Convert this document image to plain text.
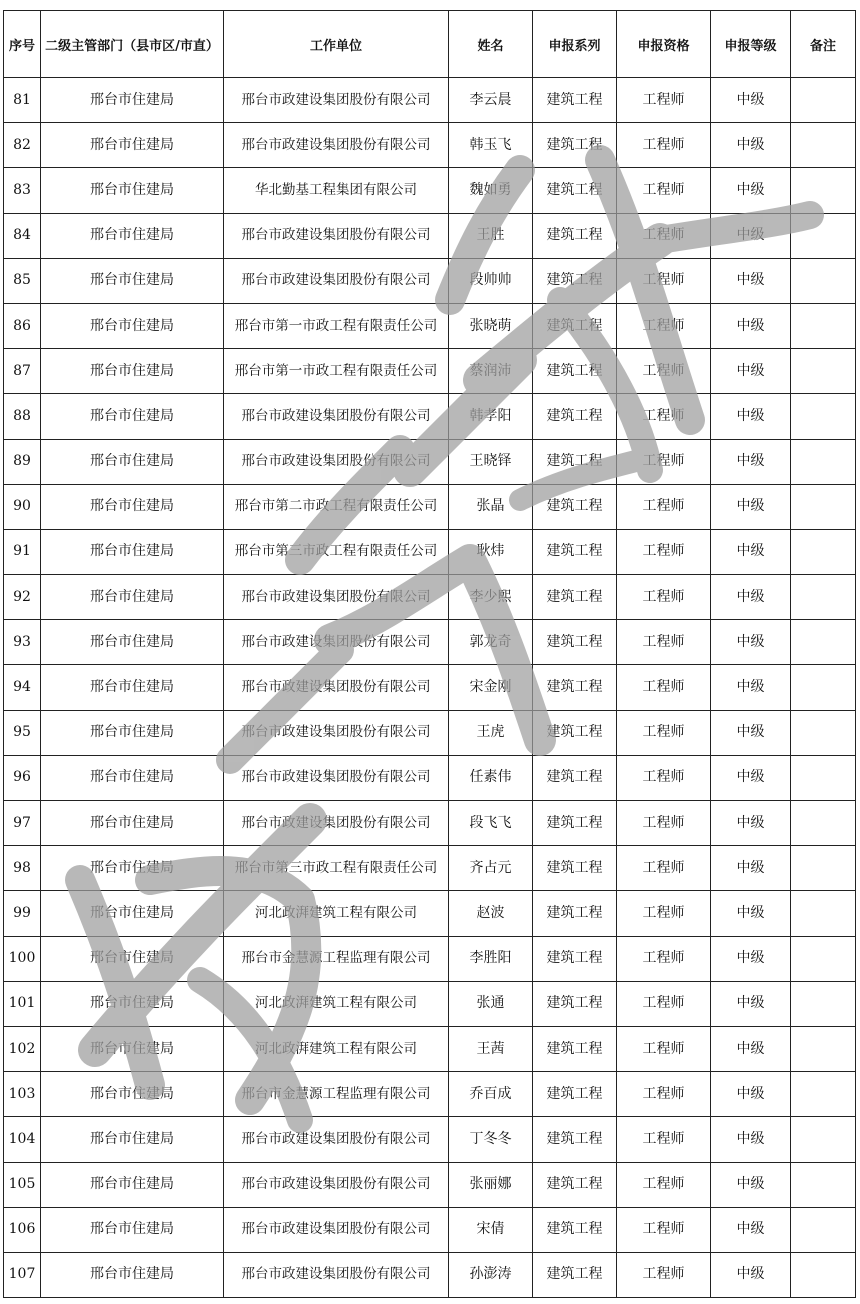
序号	二级主管部门（县市区/市直）	工作单位	姓名	申报系列	申报资格	申报等级	备注
81	邢台市住建局	邢台市政建设集团股份有限公司	李云晨	建筑工程	工程师	中级	
82	邢台市住建局	邢台市政建设集团股份有限公司	韩玉飞	建筑工程	工程师	中级	
83	邢台市住建局	华北勤基工程集团有限公司	魏如勇	建筑工程	工程师	中级	
84	邢台市住建局	邢台市政建设集团股份有限公司	王胜	建筑工程	工程师	中级	
85	邢台市住建局	邢台市政建设集团股份有限公司	段帅帅	建筑工程	工程师	中级	
86	邢台市住建局	邢台市第一市政工程有限责任公司	张晓萌	建筑工程	工程师	中级	
87	邢台市住建局	邢台市第一市政工程有限责任公司	蔡润沛	建筑工程	工程师	中级	
88	邢台市住建局	邢台市政建设集团股份有限公司	韩孝阳	建筑工程	工程师	中级	
89	邢台市住建局	邢台市政建设集团股份有限公司	王晓铎	建筑工程	工程师	中级	
90	邢台市住建局	邢台市第二市政工程有限责任公司	张晶	建筑工程	工程师	中级	
91	邢台市住建局	邢台市第三市政工程有限责任公司	耿炜	建筑工程	工程师	中级	
92	邢台市住建局	邢台市政建设集团股份有限公司	李少熙	建筑工程	工程师	中级	
93	邢台市住建局	邢台市政建设集团股份有限公司	郭龙奇	建筑工程	工程师	中级	
94	邢台市住建局	邢台市政建设集团股份有限公司	宋金刚	建筑工程	工程师	中级	
95	邢台市住建局	邢台市政建设集团股份有限公司	王虎	建筑工程	工程师	中级	
96	邢台市住建局	邢台市政建设集团股份有限公司	任素伟	建筑工程	工程师	中级	
97	邢台市住建局	邢台市政建设集团股份有限公司	段飞飞	建筑工程	工程师	中级	
98	邢台市住建局	邢台市第三市政工程有限责任公司	齐占元	建筑工程	工程师	中级	
99	邢台市住建局	河北政湃建筑工程有限公司	赵波	建筑工程	工程师	中级	
100	邢台市住建局	邢台市金慧源工程监理有限公司	李胜阳	建筑工程	工程师	中级	
101	邢台市住建局	河北政湃建筑工程有限公司	张通	建筑工程	工程师	中级	
102	邢台市住建局	河北政湃建筑工程有限公司	王茜	建筑工程	工程师	中级	
103	邢台市住建局	邢台市金慧源工程监理有限公司	乔百成	建筑工程	工程师	中级	
104	邢台市住建局	邢台市政建设集团股份有限公司	丁冬冬	建筑工程	工程师	中级	
105	邢台市住建局	邢台市政建设集团股份有限公司	张丽娜	建筑工程	工程师	中级	
106	邢台市住建局	邢台市政建设集团股份有限公司	宋倩	建筑工程	工程师	中级	
107	邢台市住建局	邢台市政建设集团股份有限公司	孙澎涛	建筑工程	工程师	中级	
